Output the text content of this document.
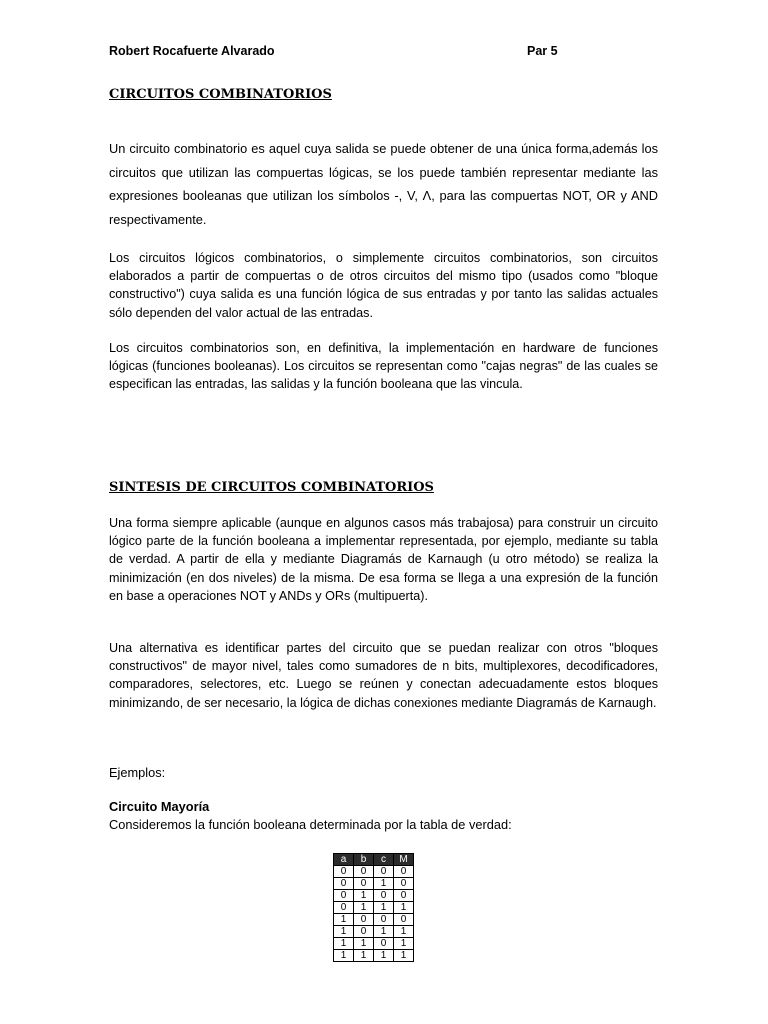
Robert Rocafuerte Alvarado	Par 5
CIRCUITOS COMBINATORIOS

Un circuito combinatorio es aquel cuya salida se puede obtener de una única forma,además los circuitos que utilizan las compuertas lógicas, se los puede también representar mediante las expresiones booleanas que utilizan los símbolos -, V, Λ, para las compuertas NOT, OR y AND respectivamente.

Los circuitos lógicos combinatorios, o simplemente circuitos combinatorios, son circuitos elaborados a partir de compuertas o de otros circuitos del mismo tipo (usados como "bloque constructivo") cuya salida es una función lógica de sus entradas y por tanto las salidas actuales sólo dependen del valor actual de las entradas.

Los circuitos combinatorios son, en definitiva, la implementación en hardware de funciones lógicas (funciones booleanas). Los circuitos se representan como "cajas negras" de las cuales se especifican las entradas, las salidas y la función booleana que las vincula.

SINTESIS DE CIRCUITOS COMBINATORIOS

Una forma siempre aplicable (aunque en algunos casos más trabajosa) para construir un circuito lógico parte de la función booleana a implementar representada, por ejemplo, mediante su tabla de verdad. A partir de ella y mediante Diagramás de Karnaugh (u otro método) se realiza la minimización (en dos niveles) de la misma. De esa forma se llega a una expresión de la función en base a operaciones NOT y ANDs y ORs (multipuerta).

Una alternativa es identificar partes del circuito que se puedan realizar con otros "bloques constructivos" de mayor nivel, tales como sumadores de n bits, multiplexores, decodificadores, comparadores, selectores, etc. Luego se reúnen y conectan adecuadamente estos bloques minimizando, de ser necesario, la lógica de dichas conexiones mediante Diagramás de Karnaugh.

Ejemplos:
Circuito Mayoría
Consideremos la función booleana determinada por la tabla de verdad:
a	b	c	M
0	0	0	0
0	0	1	0
0	1	0	0
0	1	1	1
1	0	0	0
1	0	1	1
1	1	0	1
1	1	1	1
